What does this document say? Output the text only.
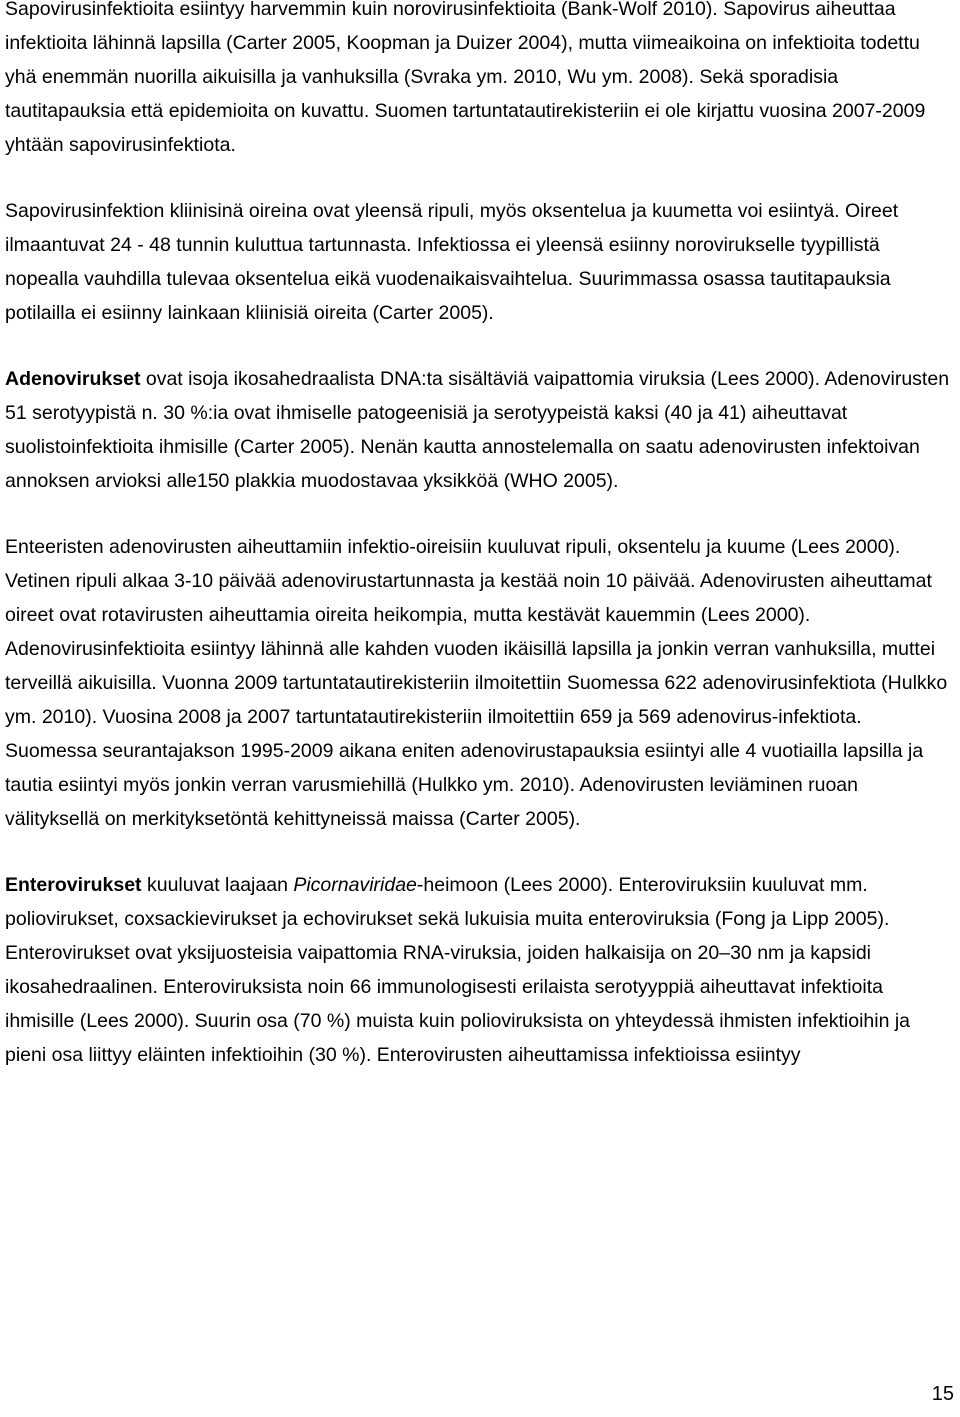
Sapovirusinfektioita esiintyy harvemmin kuin norovirusinfektioita (Bank-Wolf 2010). Sapovirus aiheuttaa infektioita lähinnä lapsilla (Carter 2005, Koopman ja Duizer 2004), mutta viimeaikoina on infektioita todettu yhä enemmän nuorilla aikuisilla ja vanhuksilla (Svraka ym. 2010, Wu ym. 2008). Sekä sporadisia tautitapauksia että epidemioita on kuvattu. Suomen tartuntatautirekisteriin ei ole kirjattu vuosina 2007-2009 yhtään sapovirusinfektiota.

Sapovirusinfektion kliinisinä oireina ovat yleensä ripuli, myös oksentelua ja kuumetta voi esiintyä. Oireet ilmaantuvat 24 - 48 tunnin kuluttua tartunnasta. Infektiossa ei yleensä esiinny norovirukselle tyypillistä nopealla vauhdilla tulevaa oksentelua eikä vuodenaikaisvaihtelua. Suurimmassa osassa tautitapauksia potilailla ei esiinny lainkaan kliinisiä oireita (Carter 2005).

Adenovirukset ovat isoja ikosahedraalista DNA:ta sisältäviä vaipattomia viruksia (Lees 2000). Adenovirusten 51 serotyypistä n. 30 %:ia ovat ihmiselle patogeenisiä ja serotyypeistä kaksi (40 ja 41) aiheuttavat suolistoinfektioita ihmisille (Carter 2005). Nenän kautta annostelemalla on saatu adenovirusten infektoivan annoksen arvioksi alle150 plakkia muodostavaa yksikköä (WHO 2005).

Enteeristen adenovirusten aiheuttamiin infektio-oireisiin kuuluvat ripuli, oksentelu ja kuume (Lees 2000). Vetinen ripuli alkaa 3-10 päivää adenovirustartunnasta ja kestää noin 10 päivää. Adenovirusten aiheuttamat oireet ovat rotavirusten aiheuttamia oireita heikompia, mutta kestävät kauemmin (Lees 2000). Adenovirusinfektioita esiintyy lähinnä alle kahden vuoden ikäisillä lapsilla ja jonkin verran vanhuksilla, muttei terveillä aikuisilla. Vuonna 2009 tartuntatautirekisteriin ilmoitettiin Suomessa 622 adenovirusinfektiota (Hulkko ym. 2010). Vuosina 2008 ja 2007 tartuntatautirekisteriin ilmoitettiin 659 ja 569 adenovirus-infektiota. Suomessa seurantajakson 1995-2009 aikana eniten adenovirustapauksia esiintyi alle 4 vuotiailla lapsilla ja tautia esiintyi myös jonkin verran varusmiehillä (Hulkko ym. 2010). Adenovirusten leviäminen ruoan välityksellä on merkityksetöntä kehittyneissä maissa (Carter 2005).

Enterovirukset kuuluvat laajaan Picornaviridae-heimoon (Lees 2000). Enteroviruksiin kuuluvat mm. poliovirukset, coxsackievirukset ja echovirukset sekä lukuisia muita enteroviruksia (Fong ja Lipp 2005). Enterovirukset ovat yksijuosteisia vaipattomia RNA-viruksia, joiden halkaisija on 20–30 nm ja kapsidi ikosahedraalinen. Enteroviruksista noin 66 immunologisesti erilaista serotyyppiä aiheuttavat infektioita ihmisille (Lees 2000). Suurin osa (70 %) muista kuin polioviruksista on yhteydessä ihmisten infektioihin ja pieni osa liittyy eläinten infektioihin (30 %). Enterovirusten aiheuttamissa infektioissa esiintyy

15
